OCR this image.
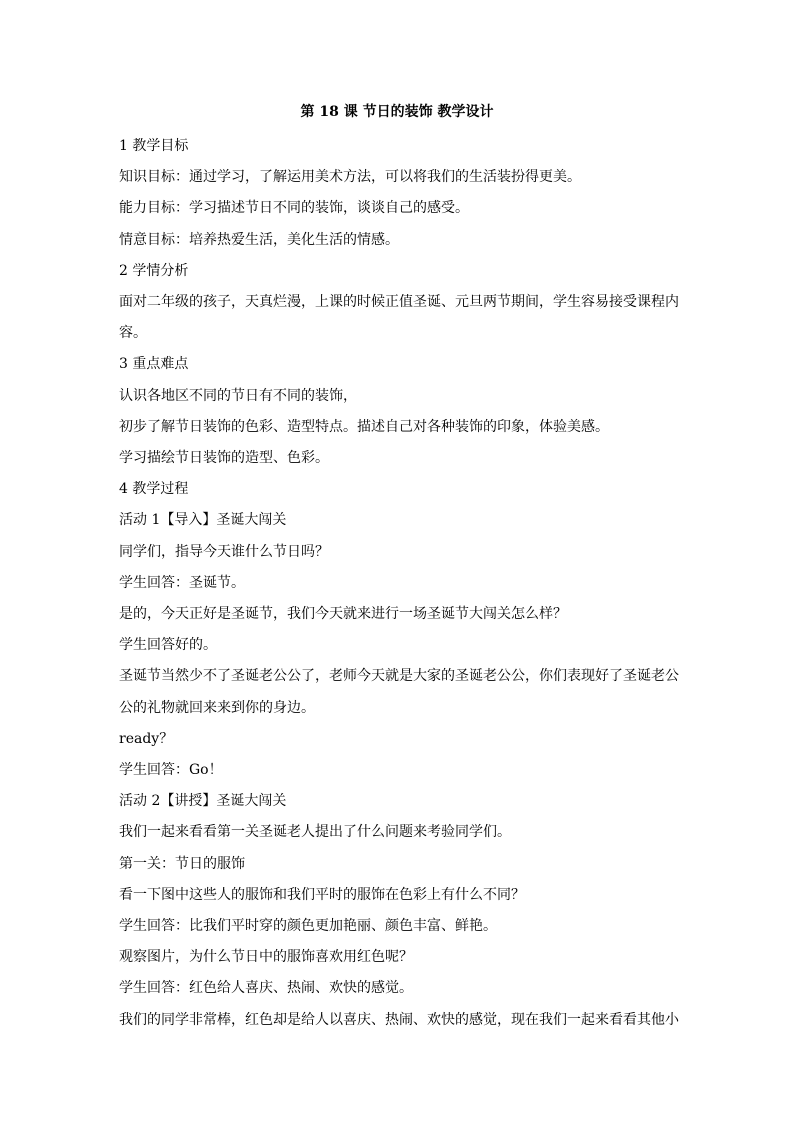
第 18 课 节日的装饰 教学设计

1 教学目标

知识目标：通过学习，了解运用美术方法，可以将我们的生活装扮得更美。

能力目标：学习描述节日不同的装饰，谈谈自己的感受。

情意目标：培养热爱生活，美化生活的情感。

2 学情分析

面对二年级的孩子，天真烂漫，上课的时候正值圣诞、元旦两节期间，学生容易接受课程内容。

3 重点难点

认识各地区不同的节日有不同的装饰，

初步了解节日装饰的色彩、造型特点。描述自己对各种装饰的印象，体验美感。

学习描绘节日装饰的造型、色彩。

4 教学过程

活动 1【导入】圣诞大闯关

同学们，指导今天谁什么节日吗？

学生回答：圣诞节。

是的，今天正好是圣诞节，我们今天就来进行一场圣诞节大闯关怎么样？

学生回答好的。

圣诞节当然少不了圣诞老公公了，老师今天就是大家的圣诞老公公，你们表现好了圣诞老公公的礼物就回来来到你的身边。

ready？

学生回答：Go！

活动 2【讲授】圣诞大闯关

我们一起来看看第一关圣诞老人提出了什么问题来考验同学们。

第一关：节日的服饰

看一下图中这些人的服饰和我们平时的服饰在色彩上有什么不同？

学生回答：比我们平时穿的颜色更加艳丽、颜色丰富、鲜艳。

观察图片，为什么节日中的服饰喜欢用红色呢？

学生回答：红色给人喜庆、热闹、欢快的感觉。

我们的同学非常棒，红色却是给人以喜庆、热闹、欢快的感觉，现在我们一起来看看其他小
